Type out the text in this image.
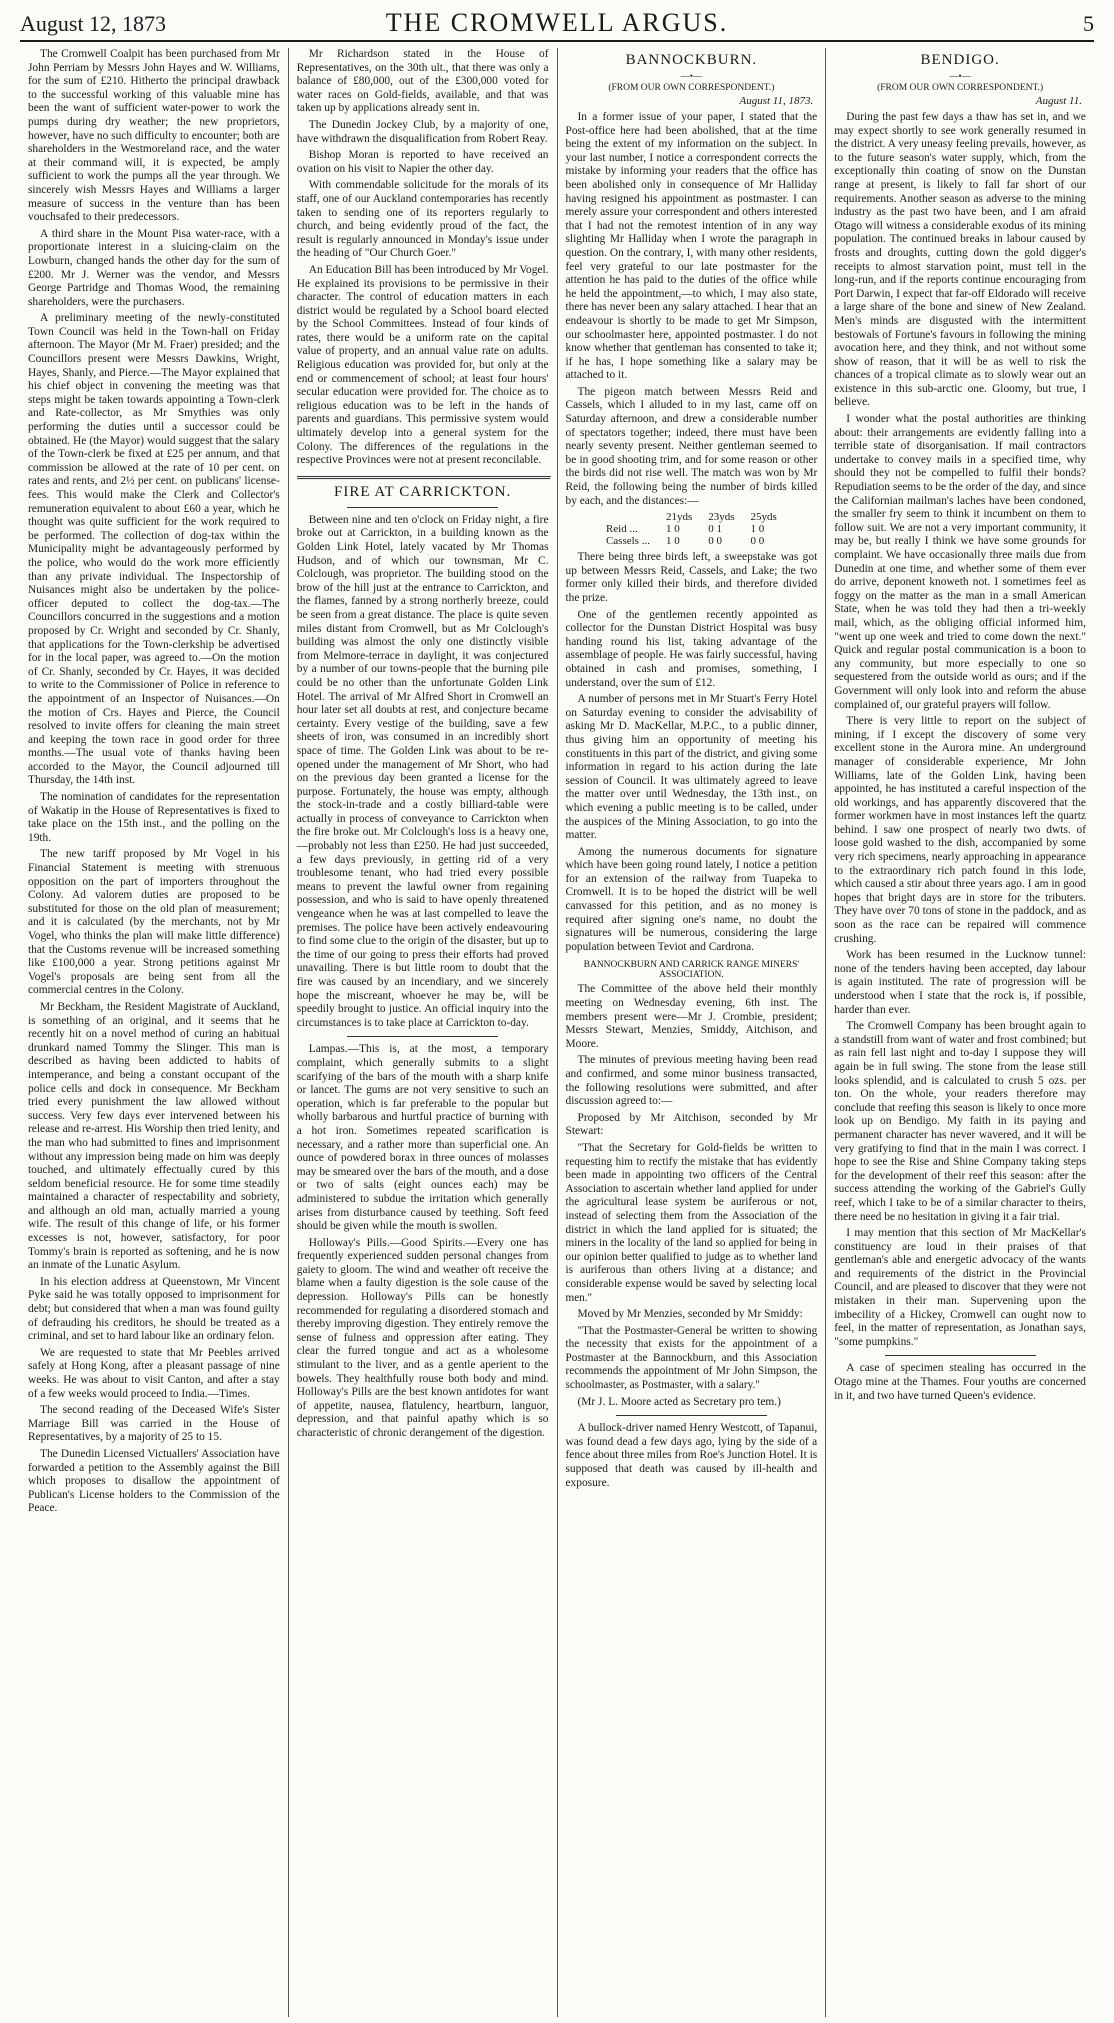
August 12, 1873	THE CROMWELL ARGUS.	5

The Cromwell Coalpit has been purchased from Mr John Perriam by Messrs John Hayes and W. Williams, for the sum of £210. Hitherto the principal drawback to the successful working of this valuable mine has been the want of sufficient water-power to work the pumps during dry weather; the new proprietors, however, have no such difficulty to encounter; both are shareholders in the Westmoreland race, and the water at their command will, it is expected, be amply sufficient to work the pumps all the year through. We sincerely wish Messrs Hayes and Williams a larger measure of success in the venture than has been vouchsafed to their predecessors.

A third share in the Mount Pisa water-race, with a proportionate interest in a sluicing-claim on the Lowburn, changed hands the other day for the sum of £200. Mr J. Werner was the vendor, and Messrs George Partridge and Thomas Wood, the remaining shareholders, were the purchasers.

A preliminary meeting of the newly-constituted Town Council was held in the Town-hall on Friday afternoon. The Mayor (Mr M. Fraer) presided; and the Councillors present were Messrs Dawkins, Wright, Hayes, Shanly, and Pierce.—The Mayor explained that his chief object in convening the meeting was that steps might be taken towards appointing a Town-clerk and Rate-collector, as Mr Smythies was only performing the duties until a successor could be obtained. He (the Mayor) would suggest that the salary of the Town-clerk be fixed at £25 per annum, and that commission be allowed at the rate of 10 per cent. on rates and rents, and 2½ per cent. on publicans' license-fees. This would make the Clerk and Collector's remuneration equivalent to about £60 a year, which he thought was quite sufficient for the work required to be performed. The collection of dog-tax within the Municipality might be advantageously performed by the police, who would do the work more efficiently than any private individual. The Inspectorship of Nuisances might also be undertaken by the police-officer deputed to collect the dog-tax.—The Councillors concurred in the suggestions and a motion proposed by Cr. Wright and seconded by Cr. Shanly, that applications for the Town-clerkship be advertised for in the local paper, was agreed to.—On the motion of Cr. Shanly, seconded by Cr. Hayes, it was decided to write to the Commissioner of Police in reference to the appointment of an Inspector of Nuisances.—On the motion of Crs. Hayes and Pierce, the Council resolved to invite offers for cleaning the main street and keeping the town race in good order for three months.—The usual vote of thanks having been accorded to the Mayor, the Council adjourned till Thursday, the 14th inst.

The nomination of candidates for the representation of Wakatip in the House of Representatives is fixed to take place on the 15th inst., and the polling on the 19th.

The new tariff proposed by Mr Vogel in his Financial Statement is meeting with strenuous opposition on the part of importers throughout the Colony. Ad valorem duties are proposed to be substituted for those on the old plan of measurement; and it is calculated (by the merchants, not by Mr Vogel, who thinks the plan will make little difference) that the Customs revenue will be increased something like £100,000 a year. Strong petitions against Mr Vogel's proposals are being sent from all the commercial centres in the Colony.

Mr Beckham, the Resident Magistrate of Auckland, is something of an original, and it seems that he recently hit on a novel method of curing an habitual drunkard named Tommy the Slinger. This man is described as having been addicted to habits of intemperance, and being a constant occupant of the police cells and dock in consequence. Mr Beckham tried every punishment the law allowed without success. Very few days ever intervened between his release and re-arrest. His Worship then tried lenity, and the man who had submitted to fines and imprisonment without any impression being made on him was deeply touched, and ultimately effectually cured by this seldom beneficial resource. He for some time steadily maintained a character of respectability and sobriety, and although an old man, actually married a young wife. The result of this change of life, or his former excesses is not, however, satisfactory, for poor Tommy's brain is reported as softening, and he is now an inmate of the Lunatic Asylum.

In his election address at Queenstown, Mr Vincent Pyke said he was totally opposed to imprisonment for debt; but considered that when a man was found guilty of defrauding his creditors, he should be treated as a criminal, and set to hard labour like an ordinary felon.

We are requested to state that Mr Peebles arrived safely at Hong Kong, after a pleasant passage of nine weeks. He was about to visit Canton, and after a stay of a few weeks would proceed to India.—Times.

The second reading of the Deceased Wife's Sister Marriage Bill was carried in the House of Representatives, by a majority of 25 to 15.

The Dunedin Licensed Victuallers' Association have forwarded a petition to the Assembly against the Bill which proposes to disallow the appointment of Publican's License holders to the Commission of the Peace.

Mr Richardson stated in the House of Representatives, on the 30th ult., that there was only a balance of £80,000, out of the £300,000 voted for water races on Gold-fields, available, and that was taken up by applications already sent in.

The Dunedin Jockey Club, by a majority of one, have withdrawn the disqualification from Robert Reay.

Bishop Moran is reported to have received an ovation on his visit to Napier the other day.

With commendable solicitude for the morals of its staff, one of our Auckland contemporaries has recently taken to sending one of its reporters regularly to church, and being evidently proud of the fact, the result is regularly announced in Monday's issue under the heading of "Our Church Goer."

An Education Bill has been introduced by Mr Vogel. He explained its provisions to be permissive in their character. The control of education matters in each district would be regulated by a School board elected by the School Committees. Instead of four kinds of rates, there would be a uniform rate on the capital value of property, and an annual value rate on adults. Religious education was provided for, but only at the end or commencement of school; at least four hours' secular education were provided for. The choice as to religious education was to be left in the hands of parents and guardians. This permissive system would ultimately develop into a general system for the Colony. The differences of the regulations in the respective Provinces were not at present reconcilable.

FIRE AT CARRICKTON.

Between nine and ten o'clock on Friday night, a fire broke out at Carrickton, in a building known as the Golden Link Hotel, lately vacated by Mr Thomas Hudson, and of which our townsman, Mr C. Colclough, was proprietor. The building stood on the brow of the hill just at the entrance to Carrickton, and the flames, fanned by a strong northerly breeze, could be seen from a great distance. The place is quite seven miles distant from Cromwell, but as Mr Colclough's building was almost the only one distinctly visible from Melmore-terrace in daylight, it was conjectured by a number of our towns-people that the burning pile could be no other than the unfortunate Golden Link Hotel. The arrival of Mr Alfred Short in Cromwell an hour later set all doubts at rest, and conjecture became certainty. Every vestige of the building, save a few sheets of iron, was consumed in an incredibly short space of time. The Golden Link was about to be re-opened under the management of Mr Short, who had on the previous day been granted a license for the purpose. Fortunately, the house was empty, although the stock-in-trade and a costly billiard-table were actually in process of conveyance to Carrickton when the fire broke out. Mr Colclough's loss is a heavy one,—probably not less than £250. He had just succeeded, a few days previously, in getting rid of a very troublesome tenant, who had tried every possible means to prevent the lawful owner from regaining possession, and who is said to have openly threatened vengeance when he was at last compelled to leave the premises. The police have been actively endeavouring to find some clue to the origin of the disaster, but up to the time of our going to press their efforts had proved unavailing. There is but little room to doubt that the fire was caused by an incendiary, and we sincerely hope the miscreant, whoever he may be, will be speedily brought to justice. An official inquiry into the circumstances is to take place at Carrickton to-day.

Lampas.—This is, at the most, a temporary complaint, which generally submits to a slight scarifying of the bars of the mouth with a sharp knife or lancet. The gums are not very sensitive to such an operation, which is far preferable to the popular but wholly barbarous and hurtful practice of burning with a hot iron. Sometimes repeated scarification is necessary, and a rather more than superficial one. An ounce of powdered borax in three ounces of molasses may be smeared over the bars of the mouth, and a dose or two of salts (eight ounces each) may be administered to subdue the irritation which generally arises from disturbance caused by teething. Soft feed should be given while the mouth is swollen.

Holloway's Pills.—Good Spirits.—Every one has frequently experienced sudden personal changes from gaiety to gloom. The wind and weather oft receive the blame when a faulty digestion is the sole cause of the depression. Holloway's Pills can be honestly recommended for regulating a disordered stomach and thereby improving digestion. They entirely remove the sense of fulness and oppression after eating. They clear the furred tongue and act as a wholesome stimulant to the liver, and as a gentle aperient to the bowels. They healthfully rouse both body and mind. Holloway's Pills are the best known antidotes for want of appetite, nausea, flatulency, heartburn, languor, depression, and that painful apathy which is so characteristic of chronic derangement of the digestion.

BANNOCKBURN.
—•—
(FROM OUR OWN CORRESPONDENT.)
August 11, 1873.

In a former issue of your paper, I stated that the Post-office here had been abolished, that at the time being the extent of my information on the subject. In your last number, I notice a correspondent corrects the mistake by informing your readers that the office has been abolished only in consequence of Mr Halliday having resigned his appointment as postmaster. I can merely assure your correspondent and others interested that I had not the remotest intention of in any way slighting Mr Halliday when I wrote the paragraph in question. On the contrary, I, with many other residents, feel very grateful to our late postmaster for the attention he has paid to the duties of the office while he held the appointment,—to which, I may also state, there has never been any salary attached. I hear that an endeavour is shortly to be made to get Mr Simpson, our schoolmaster here, appointed postmaster. I do not know whether that gentleman has consented to take it; if he has, I hope something like a salary may be attached to it.

The pigeon match between Messrs Reid and Cassels, which I alluded to in my last, came off on Saturday afternoon, and drew a considerable number of spectators together; indeed, there must have been nearly seventy present. Neither gentleman seemed to be in good shooting trim, and for some reason or other the birds did not rise well. The match was won by Mr Reid, the following being the number of birds killed by each, and the distances:—

	21yds	23yds	25yds
Reid ...	1 0	0 1	1 0
Cassels ...	1 0	0 0	0 0

There being three birds left, a sweepstake was got up between Messrs Reid, Cassels, and Lake; the two former only killed their birds, and therefore divided the prize.

One of the gentlemen recently appointed as collector for the Dunstan District Hospital was busy handing round his list, taking advantage of the assemblage of people. He was fairly successful, having obtained in cash and promises, something, I understand, over the sum of £12.

A number of persons met in Mr Stuart's Ferry Hotel on Saturday evening to consider the advisability of asking Mr D. MacKellar, M.P.C., to a public dinner, thus giving him an opportunity of meeting his constituents in this part of the district, and giving some information in regard to his action during the late session of Council. It was ultimately agreed to leave the matter over until Wednesday, the 13th inst., on which evening a public meeting is to be called, under the auspices of the Mining Association, to go into the matter.

Among the numerous documents for signature which have been going round lately, I notice a petition for an extension of the railway from Tuapeka to Cromwell. It is to be hoped the district will be well canvassed for this petition, and as no money is required after signing one's name, no doubt the signatures will be numerous, considering the large population between Teviot and Cardrona.

BANNOCKBURN AND CARRICK RANGE MINERS' ASSOCIATION.

The Committee of the above held their monthly meeting on Wednesday evening, 6th inst. The members present were—Mr J. Crombie, president; Messrs Stewart, Menzies, Smiddy, Aitchison, and Moore.

The minutes of previous meeting having been read and confirmed, and some minor business transacted, the following resolutions were submitted, and after discussion agreed to:—

Proposed by Mr Aitchison, seconded by Mr Stewart:

"That the Secretary for Gold-fields be written to requesting him to rectify the mistake that has evidently been made in appointing two officers of the Central Association to ascertain whether land applied for under the agricultural lease system be auriferous or not, instead of selecting them from the Association of the district in which the land applied for is situated; the miners in the locality of the land so applied for being in our opinion better qualified to judge as to whether land is auriferous than others living at a distance; and considerable expense would be saved by selecting local men."

Moved by Mr Menzies, seconded by Mr Smiddy:

"That the Postmaster-General be written to showing the necessity that exists for the appointment of a Postmaster at the Bannockburn, and this Association recommends the appointment of Mr John Simpson, the schoolmaster, as Postmaster, with a salary."

(Mr J. L. Moore acted as Secretary pro tem.)

A bullock-driver named Henry Westcott, of Tapanui, was found dead a few days ago, lying by the side of a fence about three miles from Roe's Junction Hotel. It is supposed that death was caused by ill-health and exposure.

BENDIGO.
—•—
(FROM OUR OWN CORRESPONDENT.)
August 11.

During the past few days a thaw has set in, and we may expect shortly to see work generally resumed in the district. A very uneasy feeling prevails, however, as to the future season's water supply, which, from the exceptionally thin coating of snow on the Dunstan range at present, is likely to fall far short of our requirements. Another season as adverse to the mining industry as the past two have been, and I am afraid Otago will witness a considerable exodus of its mining population. The continued breaks in labour caused by frosts and droughts, cutting down the gold digger's receipts to almost starvation point, must tell in the long-run, and if the reports continue encouraging from Port Darwin, I expect that far-off Eldorado will receive a large share of the bone and sinew of New Zealand. Men's minds are disgusted with the intermittent bestowals of Fortune's favours in following the mining avocation here, and they think, and not without some show of reason, that it will be as well to risk the chances of a tropical climate as to slowly wear out an existence in this sub-arctic one. Gloomy, but true, I believe.

I wonder what the postal authorities are thinking about: their arrangements are evidently falling into a terrible state of disorganisation. If mail contractors undertake to convey mails in a specified time, why should they not be compelled to fulfil their bonds? Repudiation seems to be the order of the day, and since the Californian mailman's laches have been condoned, the smaller fry seem to think it incumbent on them to follow suit. We are not a very important community, it may be, but really I think we have some grounds for complaint. We have occasionally three mails due from Dunedin at one time, and whether some of them ever do arrive, deponent knoweth not. I sometimes feel as foggy on the matter as the man in a small American State, when he was told they had then a tri-weekly mail, which, as the obliging official informed him, "went up one week and tried to come down the next." Quick and regular postal communication is a boon to any community, but more especially to one so sequestered from the outside world as ours; and if the Government will only look into and reform the abuse complained of, our grateful prayers will follow.

There is very little to report on the subject of mining, if I except the discovery of some very excellent stone in the Aurora mine. An underground manager of considerable experience, Mr John Williams, late of the Golden Link, having been appointed, he has instituted a careful inspection of the old workings, and has apparently discovered that the former workmen have in most instances left the quartz behind. I saw one prospect of nearly two dwts. of loose gold washed to the dish, accompanied by some very rich specimens, nearly approaching in appearance to the extraordinary rich patch found in this lode, which caused a stir about three years ago. I am in good hopes that bright days are in store for the tributers. They have over 70 tons of stone in the paddock, and as soon as the race can be repaired will commence crushing.

Work has been resumed in the Lucknow tunnel: none of the tenders having been accepted, day labour is again instituted. The rate of progression will be understood when I state that the rock is, if possible, harder than ever.

The Cromwell Company has been brought again to a standstill from want of water and frost combined; but as rain fell last night and to-day I suppose they will again be in full swing. The stone from the lease still looks splendid, and is calculated to crush 5 ozs. per ton. On the whole, your readers therefore may conclude that reefing this season is likely to once more look up on Bendigo. My faith in its paying and permanent character has never wavered, and it will be very gratifying to find that in the main I was correct. I hope to see the Rise and Shine Company taking steps for the development of their reef this season: after the success attending the working of the Gabriel's Gully reef, which I take to be of a similar character to theirs, there need be no hesitation in giving it a fair trial.

I may mention that this section of Mr MacKellar's constituency are loud in their praises of that gentleman's able and energetic advocacy of the wants and requirements of the district in the Provincial Council, and are pleased to discover that they were not mistaken in their man. Supervening upon the imbecility of a Hickey, Cromwell can ought now to feel, in the matter of representation, as Jonathan says, "some pumpkins."

A case of specimen stealing has occurred in the Otago mine at the Thames. Four youths are concerned in it, and two have turned Queen's evidence.
